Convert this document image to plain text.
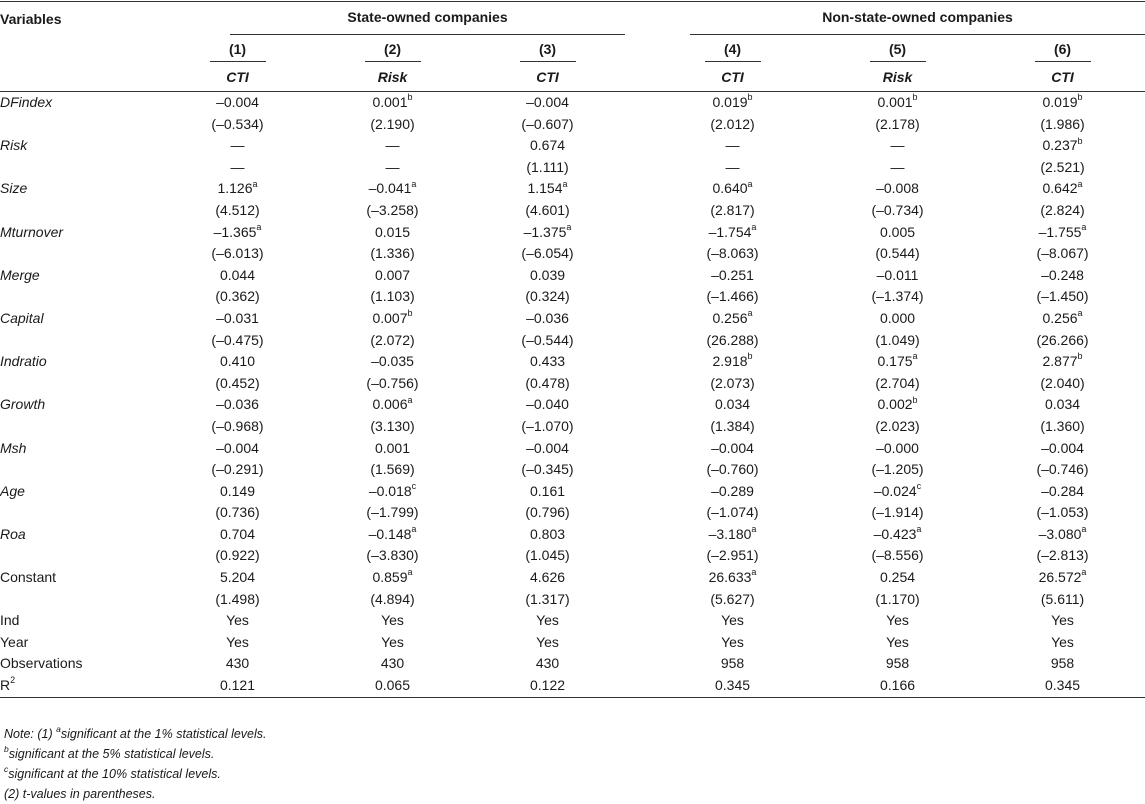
Variables	State-owned companies				Non-state-owned companies		

	(1)	(2)	(3)		(4)	(5)	(6)
	CTI	Risk	CTI		CTI	Risk	CTI
DFindex	–0.004	0.001$^b$	–0.004		0.019$^b$	0.001$^b$	0.019$^b$
	(–0.534)	(2.190)	(–0.607)		(2.012)	(2.178)	(1.986)
Risk	—	—	0.674		—	—	0.237$^b$
	—	—	(1.111)		—	—	(2.521)
Size	1.126$^a$	–0.041$^a$	1.154$^a$		0.640$^a$	–0.008	0.642$^a$
	(4.512)	(–3.258)	(4.601)		(2.817)	(–0.734)	(2.824)
Mturnover	–1.365$^a$	0.015	–1.375$^a$		–1.754$^a$	0.005	–1.755$^a$
	(–6.013)	(1.336)	(–6.054)		(–8.063)	(0.544)	(–8.067)
Merge	0.044	0.007	0.039		–0.251	–0.011	–0.248
	(0.362)	(1.103)	(0.324)		(–1.466)	(–1.374)	(–1.450)
Capital	–0.031	0.007$^b$	–0.036		0.256$^a$	0.000	0.256$^a$
	(–0.475)	(2.072)	(–0.544)		(26.288)	(1.049)	(26.266)
Indratio	0.410	–0.035	0.433		2.918$^b$	0.175$^a$	2.877$^b$
	(0.452)	(–0.756)	(0.478)		(2.073)	(2.704)	(2.040)
Growth	–0.036	0.006$^a$	–0.040		0.034	0.002$^b$	0.034
	(–0.968)	(3.130)	(–1.070)		(1.384)	(2.023)	(1.360)
Msh	–0.004	0.001	–0.004		–0.004	–0.000	–0.004
	(–0.291)	(1.569)	(–0.345)		(–0.760)	(–1.205)	(–0.746)
Age	0.149	–0.018$^c$	0.161		–0.289	–0.024$^c$	–0.284
	(0.736)	(–1.799)	(0.796)		(–1.074)	(–1.914)	(–1.053)
Roa	0.704	–0.148$^a$	0.803		–3.180$^a$	–0.423$^a$	–3.080$^a$
	(0.922)	(–3.830)	(1.045)		(–2.951)	(–8.556)	(–2.813)
Constant	5.204	0.859$^a$	4.626		26.633$^a$	0.254	26.572$^a$
	(1.498)	(4.894)	(1.317)		(5.627)	(1.170)	(5.611)
Ind	Yes	Yes	Yes		Yes	Yes	Yes
Year	Yes	Yes	Yes		Yes	Yes	Yes
Observations	430	430	430		958	958	958
$R^2$	0.121	0.065	0.122		0.345	0.166	0.345
Note: (1) $^a$significant at the 1% statistical levels.
$^b$significant at the 5% statistical levels.
$^c$significant at the 10% statistical levels.
(2) t-values in parentheses.
